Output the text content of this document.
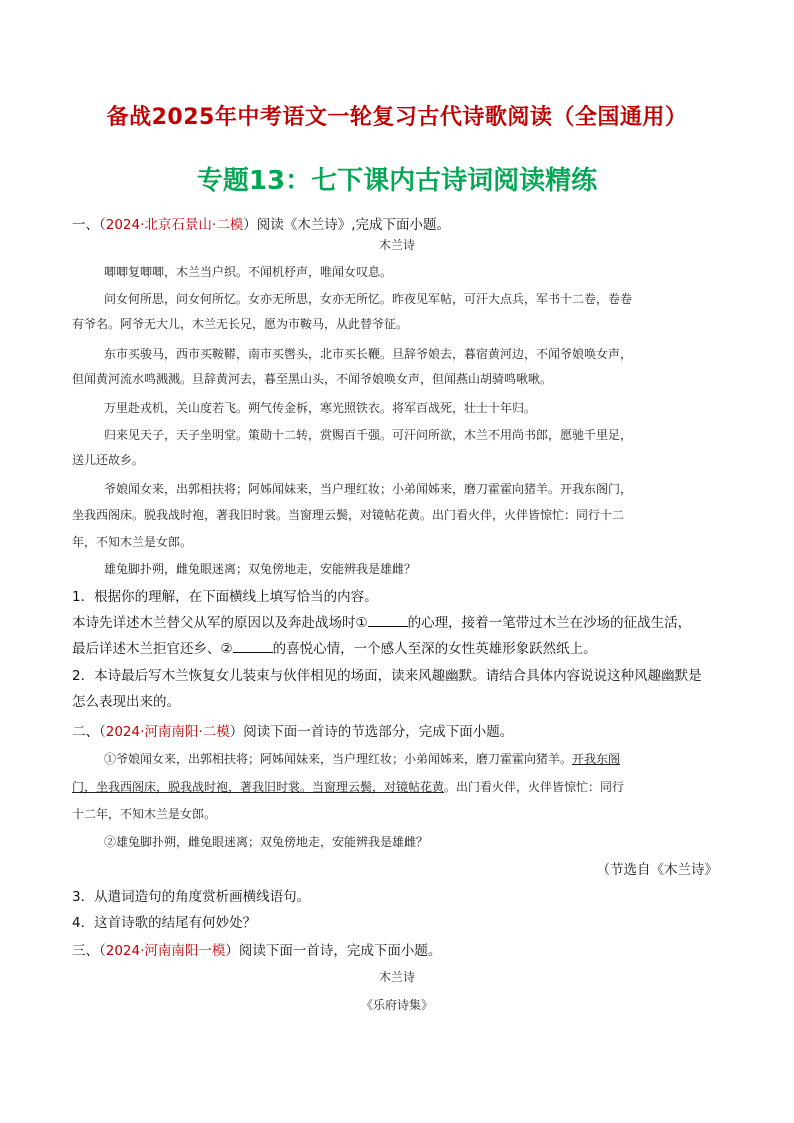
备战2025年中考语文一轮复习古代诗歌阅读（全国通用）
专题13：七下课内古诗词阅读精练
一、（2024·北京石景山·二模）阅读《木兰诗》,完成下面小题。
木兰诗
唧唧复唧唧，木兰当户织。不闻机杼声，唯闻女叹息。
问女何所思，问女何所忆。女亦无所思，女亦无所忆。昨夜见军帖，可汗大点兵，军书十二卷，卷卷
有爷名。阿爷无大儿，木兰无长兄，愿为市鞍马，从此替爷征。
东市买骏马，西市买鞍鞯，南市买辔头，北市买长鞭。旦辞爷娘去，暮宿黄河边，不闻爷娘唤女声，
但闻黄河流水鸣溅溅。旦辞黄河去，暮至黑山头，不闻爷娘唤女声，但闻燕山胡骑鸣啾啾。
万里赴戎机，关山度若飞。朔气传金柝，寒光照铁衣。将军百战死，壮士十年归。
归来见天子，天子坐明堂。策勋十二转，赏赐百千强。可汗问所欲，木兰不用尚书郎，愿驰千里足，
送儿还故乡。
爷娘闻女来，出郭相扶将；阿姊闻妹来，当户理红妆；小弟闻姊来，磨刀霍霍向猪羊。开我东阁门，
坐我西阁床。脱我战时袍，著我旧时裳。当窗理云鬓，对镜帖花黄。出门看火伴，火伴皆惊忙：同行十二
年，不知木兰是女郎。
雄兔脚扑朔，雌兔眼迷离；双兔傍地走，安能辨我是雄雌？
1．根据你的理解，在下面横线上填写恰当的内容。
本诗先详述木兰替父从军的原因以及奔赴战场时①	的心理，接着一笔带过木兰在沙场的征战生活，
最后详述木兰拒官还乡、②	的喜悦心情，一个感人至深的女性英雄形象跃然纸上。
2．本诗最后写木兰恢复女儿装束与伙伴相见的场面，读来风趣幽默。请结合具体内容说说这种风趣幽默是
怎么表现出来的。
二、（2024·河南南阳·二模）阅读下面一首诗的节选部分，完成下面小题。
①爷娘闻女来，出郭相扶将；阿姊闻妹来，当户理红妆；小弟闻姊来，磨刀霍霍向猪羊。开我东阁
门，坐我西阁床，脱我战时袍，著我旧时裳。当窗理云鬓，对镜帖花黄。出门看火伴，火伴皆惊忙：同行
十二年，不知木兰是女郎。
②雄兔脚扑朔，雌兔眼迷离；双兔傍地走，安能辨我是雄雌？
（节选自《木兰诗》
3．从遣词造句的角度赏析画横线语句。
4．这首诗歌的结尾有何妙处？
三、（2024·河南南阳一模）阅读下面一首诗，完成下面小题。
木兰诗
《乐府诗集》
